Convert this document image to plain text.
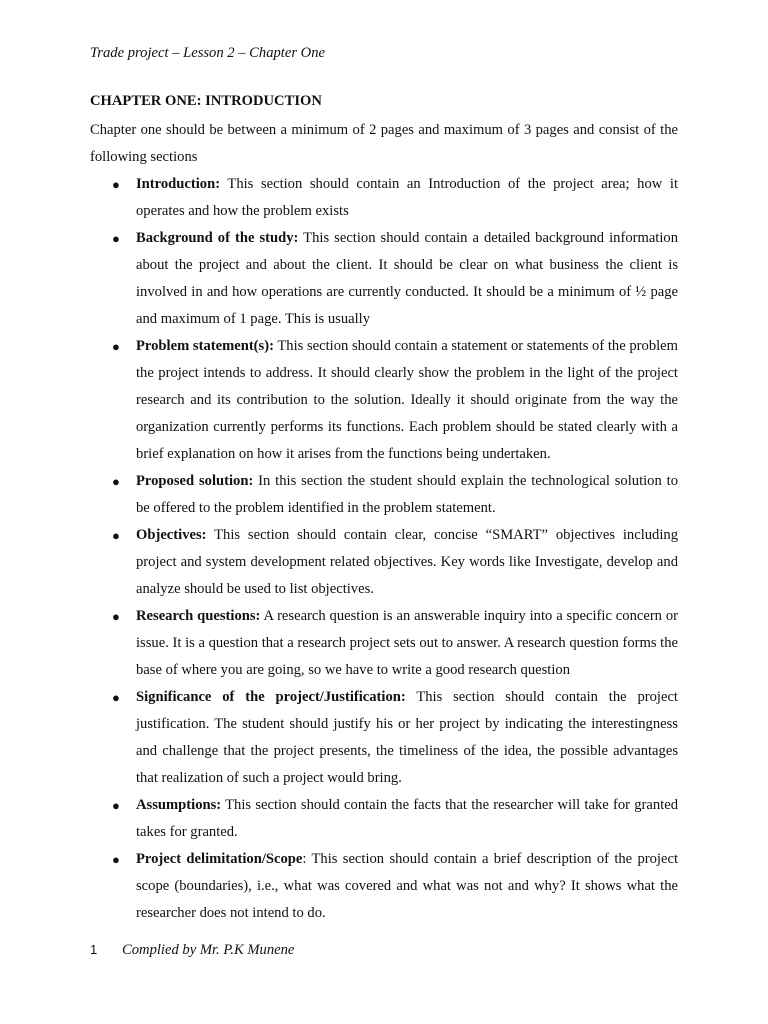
Trade project – Lesson 2 – Chapter One
CHAPTER ONE: INTRODUCTION

Chapter one should be between a minimum of 2 pages and maximum of 3 pages and consist of the following sections

● Introduction: This section should contain an Introduction of the project area; how it operates and how the problem exists
● Background of the study: This section should contain a detailed background information about the project and about the client. It should be clear on what business the client is involved in and how operations are currently conducted. It should be a minimum of ½ page and maximum of 1 page. This is usually
● Problem statement(s): This section should contain a statement or statements of the problem the project intends to address. It should clearly show the problem in the light of the project research and its contribution to the solution. Ideally it should originate from the way the organization currently performs its functions. Each problem should be stated clearly with a brief explanation on how it arises from the functions being undertaken.
● Proposed solution: In this section the student should explain the technological solution to be offered to the problem identified in the problem statement.
● Objectives: This section should contain clear, concise “SMART” objectives including project and system development related objectives. Key words like Investigate, develop and analyze should be used to list objectives.
● Research questions: A research question is an answerable inquiry into a specific concern or issue. It is a question that a research project sets out to answer. A research question forms the base of where you are going, so we have to write a good research question
● Significance of the project/Justification: This section should contain the project justification. The student should justify his or her project by indicating the interestingness and challenge that the project presents, the timeliness of the idea, the possible advantages that realization of such a project would bring.
● Assumptions: This section should contain the facts that the researcher will take for granted takes for granted.
● Project delimitation/Scope: This section should contain a brief description of the project scope (boundaries), i.e., what was covered and what was not and why? It shows what the researcher does not intend to do.
1 Complied by Mr. P.K Munene
